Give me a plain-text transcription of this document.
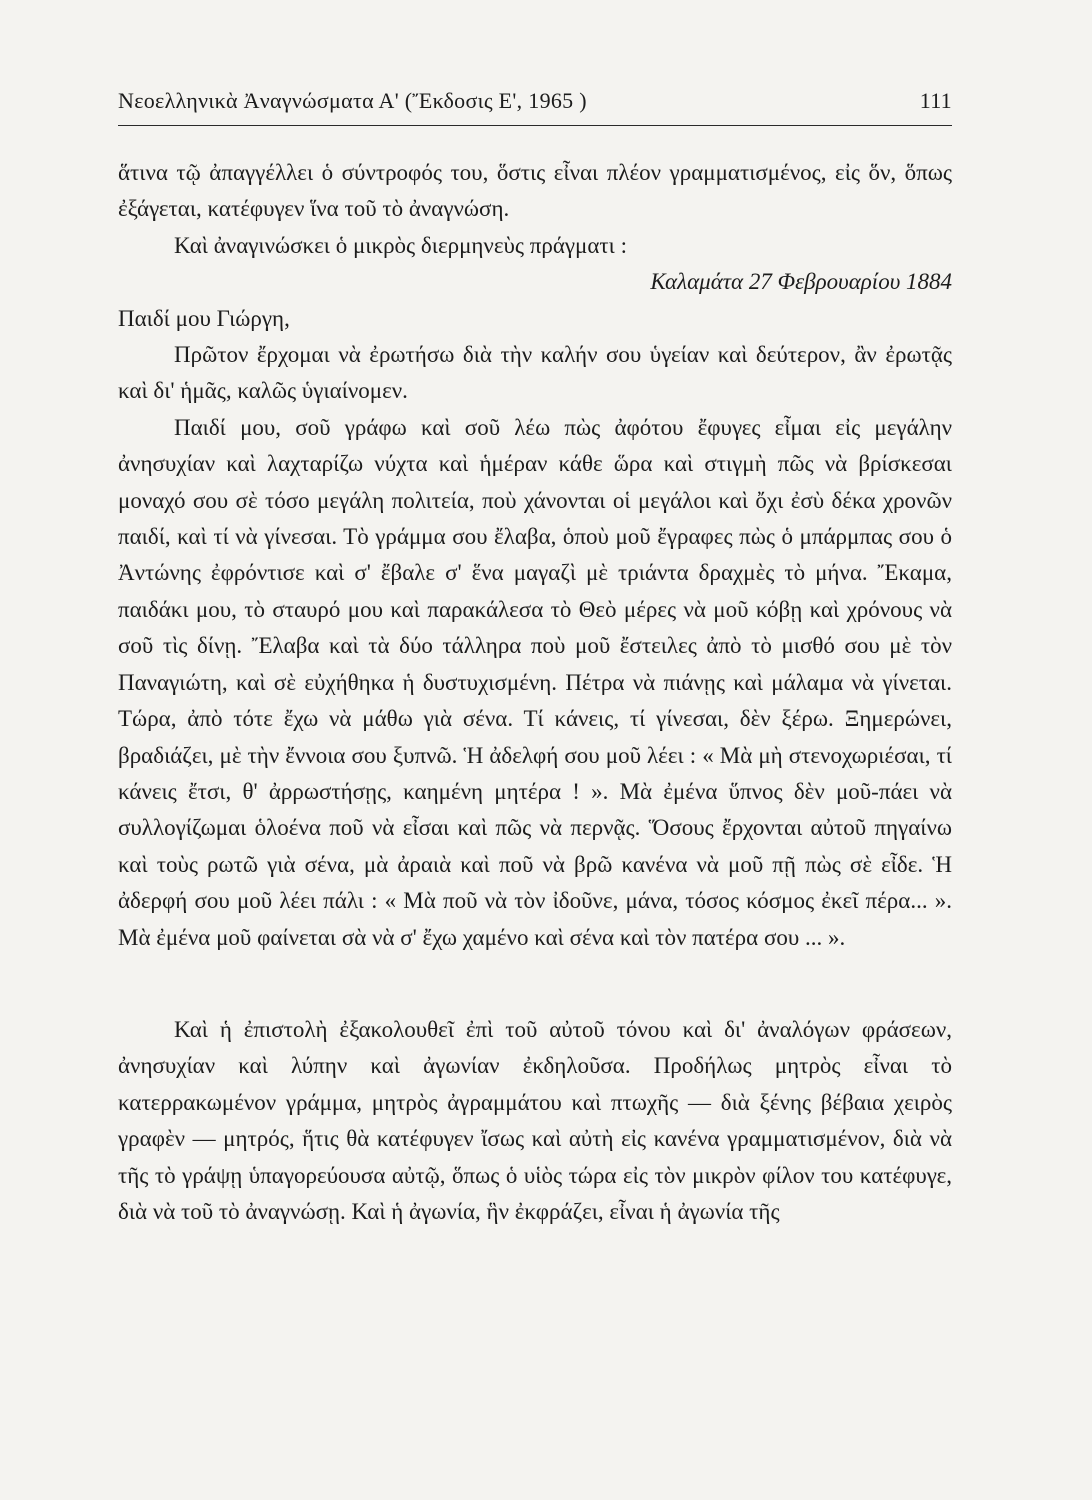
Νεοελληνικὰ Ἀναγνώσματα Α' (Ἔκδοσις Ε', 1965 )	111

ἅτινα τῷ ἀπαγγέλλει ὁ σύντροφός του, ὅστις εἶναι πλέον γραμματισμένος, εἰς ὅν, ὅπως ἐξάγεται, κατέφυγεν ἵνα τοῦ τὸ ἀναγνώση.

Καὶ ἀναγινώσκει ὁ μικρὸς διερμηνεὺς πράγματι :

Καλαμάτα 27 Φεβρουαρίου 1884

Παιδί μου Γιώργη,

Πρῶτον ἔρχομαι νὰ ἐρωτήσω διὰ τὴν καλήν σου ὑγείαν καὶ δεύτερον, ἂν ἐρωτᾷς καὶ δι' ἡμᾶς, καλῶς ὑγιαίνομεν.

Παιδί μου, σοῦ γράφω καὶ σοῦ λέω πὼς ἀφότου ἔφυγες εἶμαι εἰς μεγάλην ἀνησυχίαν καὶ λαχταρίζω νύχτα καὶ ἡμέραν κάθε ὥρα καὶ στιγμὴ πῶς νὰ βρίσκεσαι μοναχό σου σὲ τόσο μεγάλη πολιτεία, ποὺ χάνονται οἱ μεγάλοι καὶ ὄχι ἐσὺ δέκα χρονῶν παιδί, καὶ τί νὰ γίνεσαι. Τὸ γράμμα σου ἔλαβα, ὁποὺ μοῦ ἔγραφες πὼς ὁ μπάρμπας σου ὁ Ἀντώνης ἐφρόντισε καὶ σ' ἔβαλε σ' ἕνα μαγαζὶ μὲ τριάντα δραχμὲς τὸ μήνα. Ἔκαμα, παιδάκι μου, τὸ σταυρό μου καὶ παρακάλεσα τὸ Θεὸ μέρες νὰ μοῦ κόβῃ καὶ χρόνους νὰ σοῦ τὶς δίνῃ. Ἔλαβα καὶ τὰ δύο τάλληρα ποὺ μοῦ ἔστειλες ἀπὸ τὸ μισθό σου μὲ τὸν Παναγιώτη, καὶ σὲ εὐχήθηκα ἡ δυστυχισμένη. Πέτρα νὰ πιάνῃς καὶ μάλαμα νὰ γίνεται. Τώρα, ἀπὸ τότε ἔχω νὰ μάθω γιὰ σένα. Τί κάνεις, τί γίνεσαι, δὲν ξέρω. Ξημερώνει, βραδιάζει, μὲ τὴν ἔννοια σου ξυπνῶ. Ἡ ἀδελφή σου μοῦ λέει : « Μὰ μὴ στενοχωριέσαι, τί κάνεις ἔτσι, θ' ἀρρωστήσῃς, καημένη μητέρα ! ». Μὰ ἐμένα ὕπνος δὲν μοῦ-πάει νὰ συλλογίζωμαι ὁλοένα ποῦ νὰ εἶσαι καὶ πῶς νὰ περνᾷς. Ὅσους ἔρχονται αὐτοῦ πηγαίνω καὶ τοὺς ρωτῶ γιὰ σένα, μὰ ἀραιὰ καὶ ποῦ νὰ βρῶ κανένα νὰ μοῦ πῇ πὼς σὲ εἶδε. Ἡ ἀδερφή σου μοῦ λέει πάλι : « Μὰ ποῦ νὰ τὸν ἰδοῦνε, μάνα, τόσος κόσμος ἐκεῖ πέρα... ». Μὰ ἐμένα μοῦ φαίνεται σὰ νὰ σ' ἔχω χαμένο καὶ σένα καὶ τὸν πατέρα σου ... ».

Καὶ ἡ ἐπιστολὴ ἐξακολουθεῖ ἐπὶ τοῦ αὐτοῦ τόνου καὶ δι' ἀναλόγων φράσεων, ἀνησυχίαν καὶ λύπην καὶ ἀγωνίαν ἐκδηλοῦσα. Προδήλως μητρὸς εἶναι τὸ κατερρακωμένον γράμμα, μητρὸς ἀγραμμάτου καὶ πτωχῆς — διὰ ξένης βέβαια χειρὸς γραφὲν — μητρός, ἥτις θὰ κατέφυγεν ἴσως καὶ αὐτὴ εἰς κανένα γραμματισμένον, διὰ νὰ τῆς τὸ γράψῃ ὑπαγορεύουσα αὐτῷ, ὅπως ὁ υἱὸς τώρα εἰς τὸν μικρὸν φίλον του κατέφυγε, διὰ νὰ τοῦ τὸ ἀναγνώσῃ. Καὶ ἡ ἀγωνία, ἣν ἐκφράζει, εἶναι ἡ ἀγωνία τῆς
